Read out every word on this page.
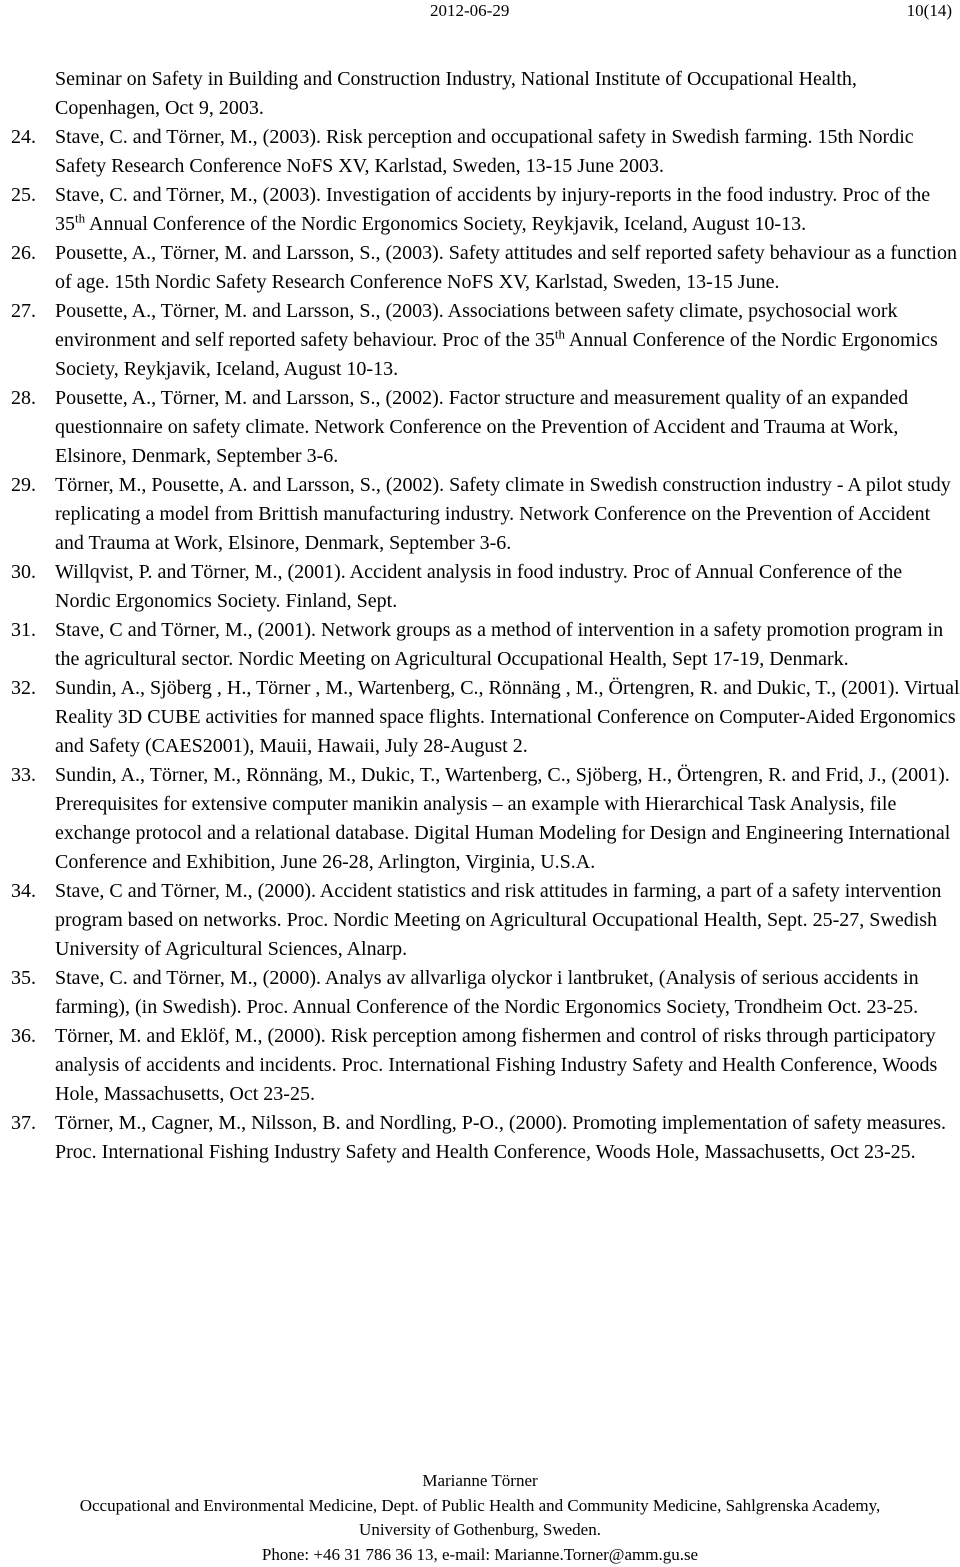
2012-06-29	10(14)

Seminar on Safety in Building and Construction Industry, National Institute of Occupational Health, Copenhagen, Oct 9, 2003.

24. Stave, C. and Törner, M., (2003). Risk perception and occupational safety in Swedish farming. 15th Nordic Safety Research Conference NoFS XV, Karlstad, Sweden, 13-15 June 2003.

25. Stave, C. and Törner, M., (2003). Investigation of accidents by injury-reports in the food industry. Proc of the 35th Annual Conference of the Nordic Ergonomics Society, Reykjavik, Iceland, August 10-13.

26. Pousette, A., Törner, M. and Larsson, S., (2003). Safety attitudes and self reported safety behaviour as a function of age. 15th Nordic Safety Research Conference NoFS XV, Karlstad, Sweden, 13-15 June.

27. Pousette, A., Törner, M. and Larsson, S., (2003). Associations between safety climate, psychosocial work environment and self reported safety behaviour. Proc of the 35th Annual Conference of the Nordic Ergonomics Society, Reykjavik, Iceland, August 10-13.

28. Pousette, A., Törner, M. and Larsson, S., (2002). Factor structure and measurement quality of an expanded questionnaire on safety climate. Network Conference on the Prevention of Accident and Trauma at Work, Elsinore, Denmark, September 3-6.

29. Törner, M., Pousette, A. and Larsson, S., (2002). Safety climate in Swedish construction industry - A pilot study replicating a model from Brittish manufacturing industry. Network Conference on the Prevention of Accident and Trauma at Work, Elsinore, Denmark, September 3-6.

30. Willqvist, P. and Törner, M., (2001). Accident analysis in food industry. Proc of Annual Conference of the Nordic Ergonomics Society. Finland, Sept.

31. Stave, C and Törner, M., (2001). Network groups as a method of intervention in a safety promotion program in the agricultural sector. Nordic Meeting on Agricultural Occupational Health, Sept 17-19, Denmark.

32. Sundin, A., Sjöberg , H., Törner , M., Wartenberg, C., Rönnäng , M., Örtengren, R. and Dukic, T., (2001). Virtual Reality 3D CUBE activities for manned space flights. International Conference on Computer-Aided Ergonomics and Safety (CAES2001), Mauii, Hawaii, July 28-August 2.

33. Sundin, A., Törner, M., Rönnäng, M., Dukic, T., Wartenberg, C., Sjöberg, H., Örtengren, R. and Frid, J., (2001). Prerequisites for extensive computer manikin analysis – an example with Hierarchical Task Analysis, file exchange protocol and a relational database. Digital Human Modeling for Design and Engineering International Conference and Exhibition, June 26-28, Arlington, Virginia, U.S.A.

34. Stave, C and Törner, M., (2000). Accident statistics and risk attitudes in farming, a part of a safety intervention program based on networks. Proc. Nordic Meeting on Agricultural Occupational Health, Sept. 25-27, Swedish University of Agricultural Sciences, Alnarp.

35. Stave, C. and Törner, M., (2000). Analys av allvarliga olyckor i lantbruket, (Analysis of serious accidents in farming), (in Swedish). Proc. Annual Conference of the Nordic Ergonomics Society, Trondheim Oct. 23-25.

36. Törner, M. and Eklöf, M., (2000). Risk perception among fishermen and control of risks through participatory analysis of accidents and incidents. Proc. International Fishing Industry Safety and Health Conference, Woods Hole, Massachusetts, Oct 23-25.

37. Törner, M., Cagner, M., Nilsson, B. and Nordling, P-O., (2000). Promoting implementation of safety measures. Proc. International Fishing Industry Safety and Health Conference, Woods Hole, Massachusetts, Oct 23-25.

Marianne Törner
Occupational and Environmental Medicine, Dept. of Public Health and Community Medicine, Sahlgrenska Academy,
University of Gothenburg, Sweden.
Phone: +46 31 786 36 13, e-mail: Marianne.Torner@amm.gu.se
